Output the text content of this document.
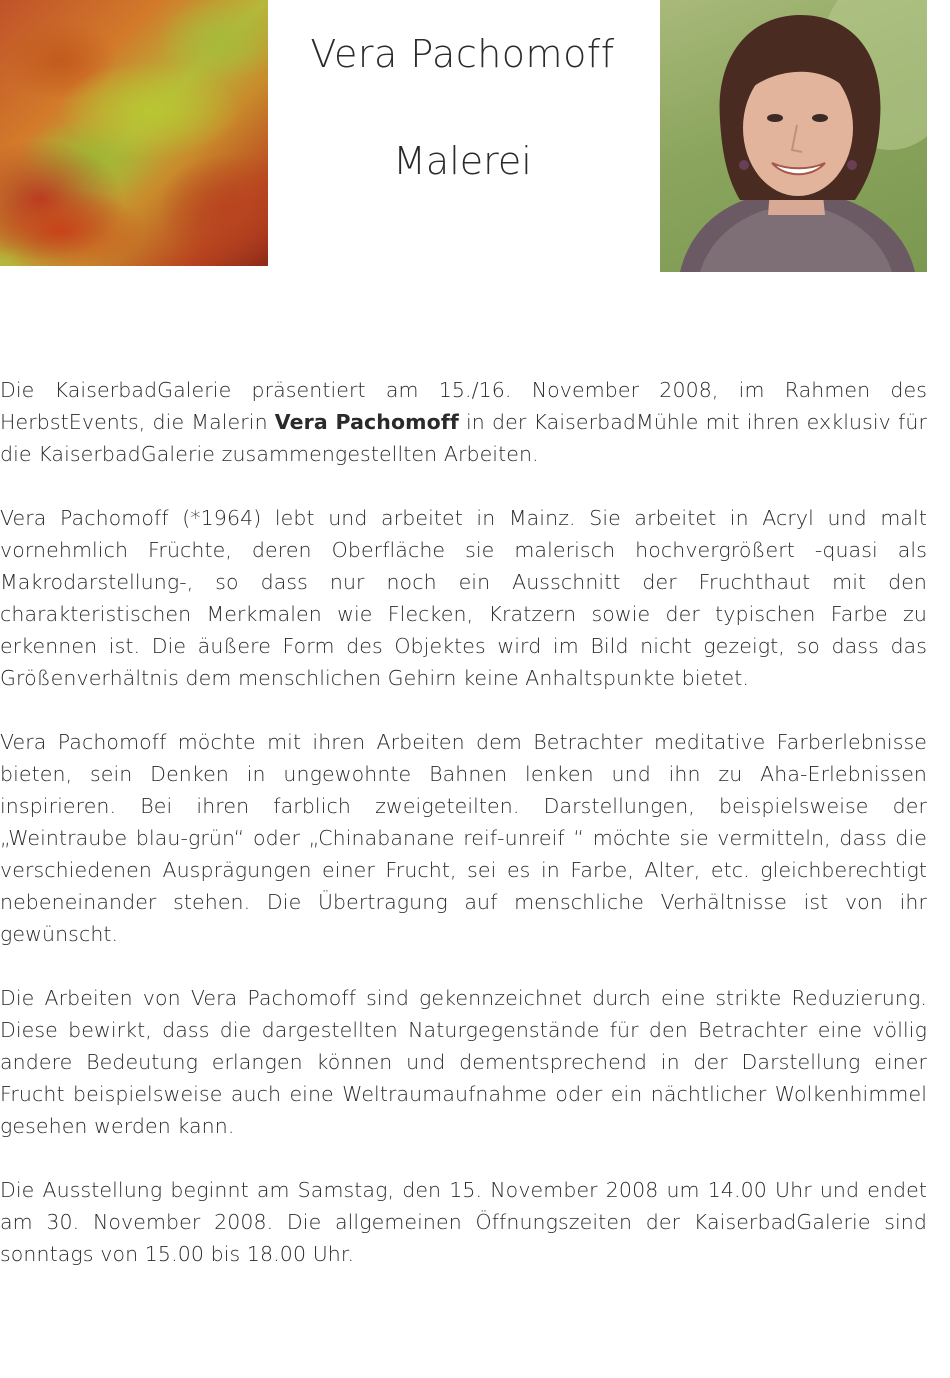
Vera Pachomoff
Malerei

Die KaiserbadGalerie präsentiert am 15./16. November 2008, im Rahmen des HerbstEvents, die Malerin Vera Pachomoff in der KaiserbadMühle mit ihren exklusiv für die KaiserbadGalerie zusammengestellten Arbeiten.

Vera Pachomoff (*1964) lebt und arbeitet in Mainz. Sie arbeitet in Acryl und malt vornehmlich Früchte, deren Oberfläche sie malerisch hochvergrößert -quasi als Makrodarstellung-, so dass nur noch ein Ausschnitt der Fruchthaut mit den charakteristischen Merkmalen wie Flecken, Kratzern sowie der typischen Farbe zu erkennen ist. Die äußere Form des Objektes wird im Bild nicht gezeigt, so dass das Größenverhältnis dem menschlichen Gehirn keine Anhaltspunkte bietet.

Vera Pachomoff möchte mit ihren Arbeiten dem Betrachter meditative Farberlebnisse bieten, sein Denken in ungewohnte Bahnen lenken und ihn zu Aha-Erlebnissen inspirieren. Bei ihren farblich zweigeteilten. Darstellungen, beispielsweise der „Weintraube blau-grün“ oder „Chinabanane reif-unreif “ möchte sie vermitteln, dass die verschiedenen Ausprägungen einer Frucht, sei es in Farbe, Alter, etc. gleichberechtigt nebeneinander stehen. Die Übertragung auf menschliche Verhältnisse ist von ihr gewünscht.

Die Arbeiten von Vera Pachomoff sind gekennzeichnet durch eine strikte Reduzierung. Diese bewirkt, dass die dargestellten Naturgegenstände für den Betrachter eine völlig andere Bedeutung erlangen können und dementsprechend in der Darstellung einer Frucht beispielsweise auch eine Weltraumaufnahme oder ein nächtlicher Wolkenhimmel gesehen werden kann.

Die Ausstellung beginnt am Samstag, den 15. November 2008 um 14.00 Uhr und endet am 30. November 2008. Die allgemeinen Öffnungszeiten der KaiserbadGalerie sind sonntags von 15.00 bis 18.00 Uhr.
